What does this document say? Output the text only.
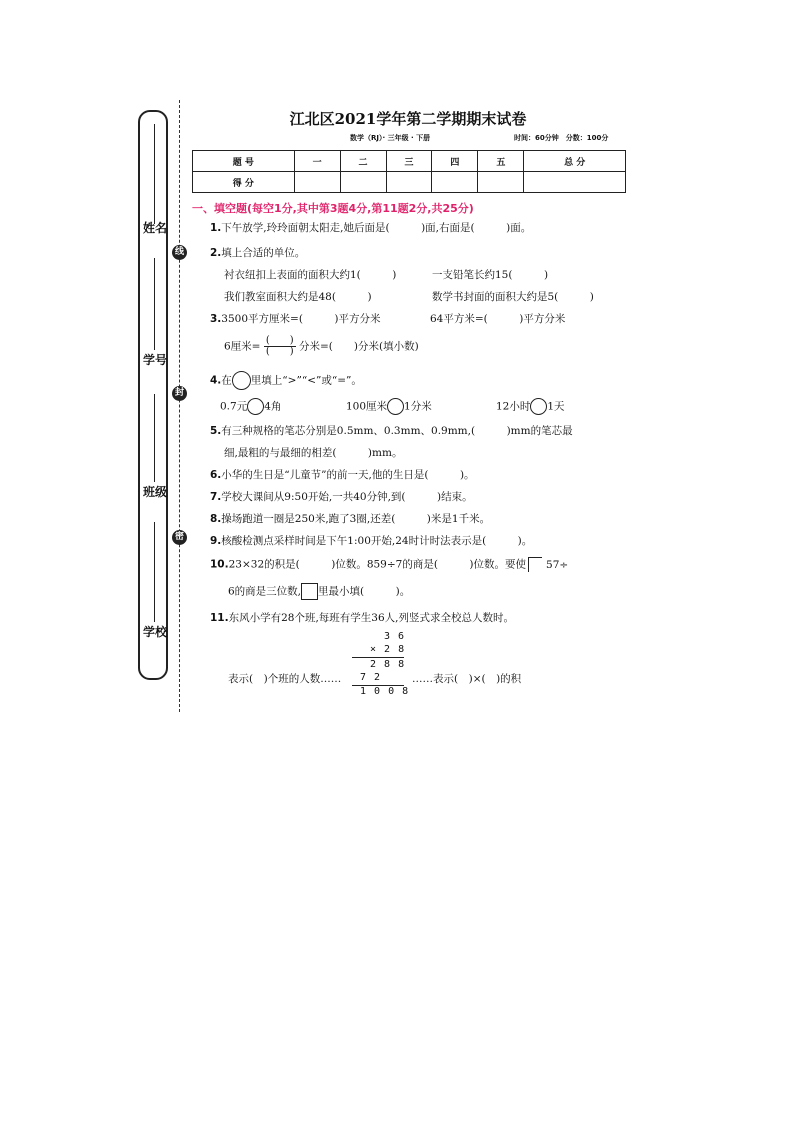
姓名
学号
班级
学校
线
封
密
江北区2021学年第二学期期末试卷
数学（RJ）· 三年级 · 下册	时间：60分钟　分数：100分
题 号	一	二	三	四	五	总 分
得 分						
一、填空题(每空1分,其中第3题4分,第11题2分,共25分)
1.下午放学,玲玲面朝太阳走,她后面是(　　　)面,右面是(　　　)面。
2.填上合适的单位。
衬衣纽扣上表面的面积大约1(　　　)	一支铅笔长约15(　　　)
我们教室面积大约是48(　　　)	数学书封面的面积大约是5(　　　)
3.3500平方厘米=(　　　)平方分米	64平方米=(　　　)平方分米
6厘米= $\frac{( )}{( )}$ 分米=(　　)分米(填小数)
4.在 里填上“>”“<”或“=”。
0.7元 4角	100厘米 1分米	12小时 1天
5.有三种规格的笔芯分别是0.5mm、0.3mm、0.9mm,(　　　)mm的笔芯最
细,最粗的与最细的相差(　　　)mm。
6.小华的生日是“儿童节”的前一天,他的生日是(　　　)。
7.学校大课间从9:50开始,一共40分钟,到(　　　)结束。
8.操场跑道一圈是250米,跑了3圈,还差(　　　)米是1千米。
9.核酸检测点采样时间是下午1:00开始,24时计时法表示是(　　　)。
10.23×32的积是(　　　)位数。859÷7的商是(　　　)位数。要使 57÷
6的商是三位数, 里最小填(　　　)。
11.东风小学有28个班,每班有学生36人,列竖式求全校总人数时。
3 6
× 2 8
2 8 8
7 2
1 0 0 8
表示(　)个班的人数……	……表示(　)×(　)的积
